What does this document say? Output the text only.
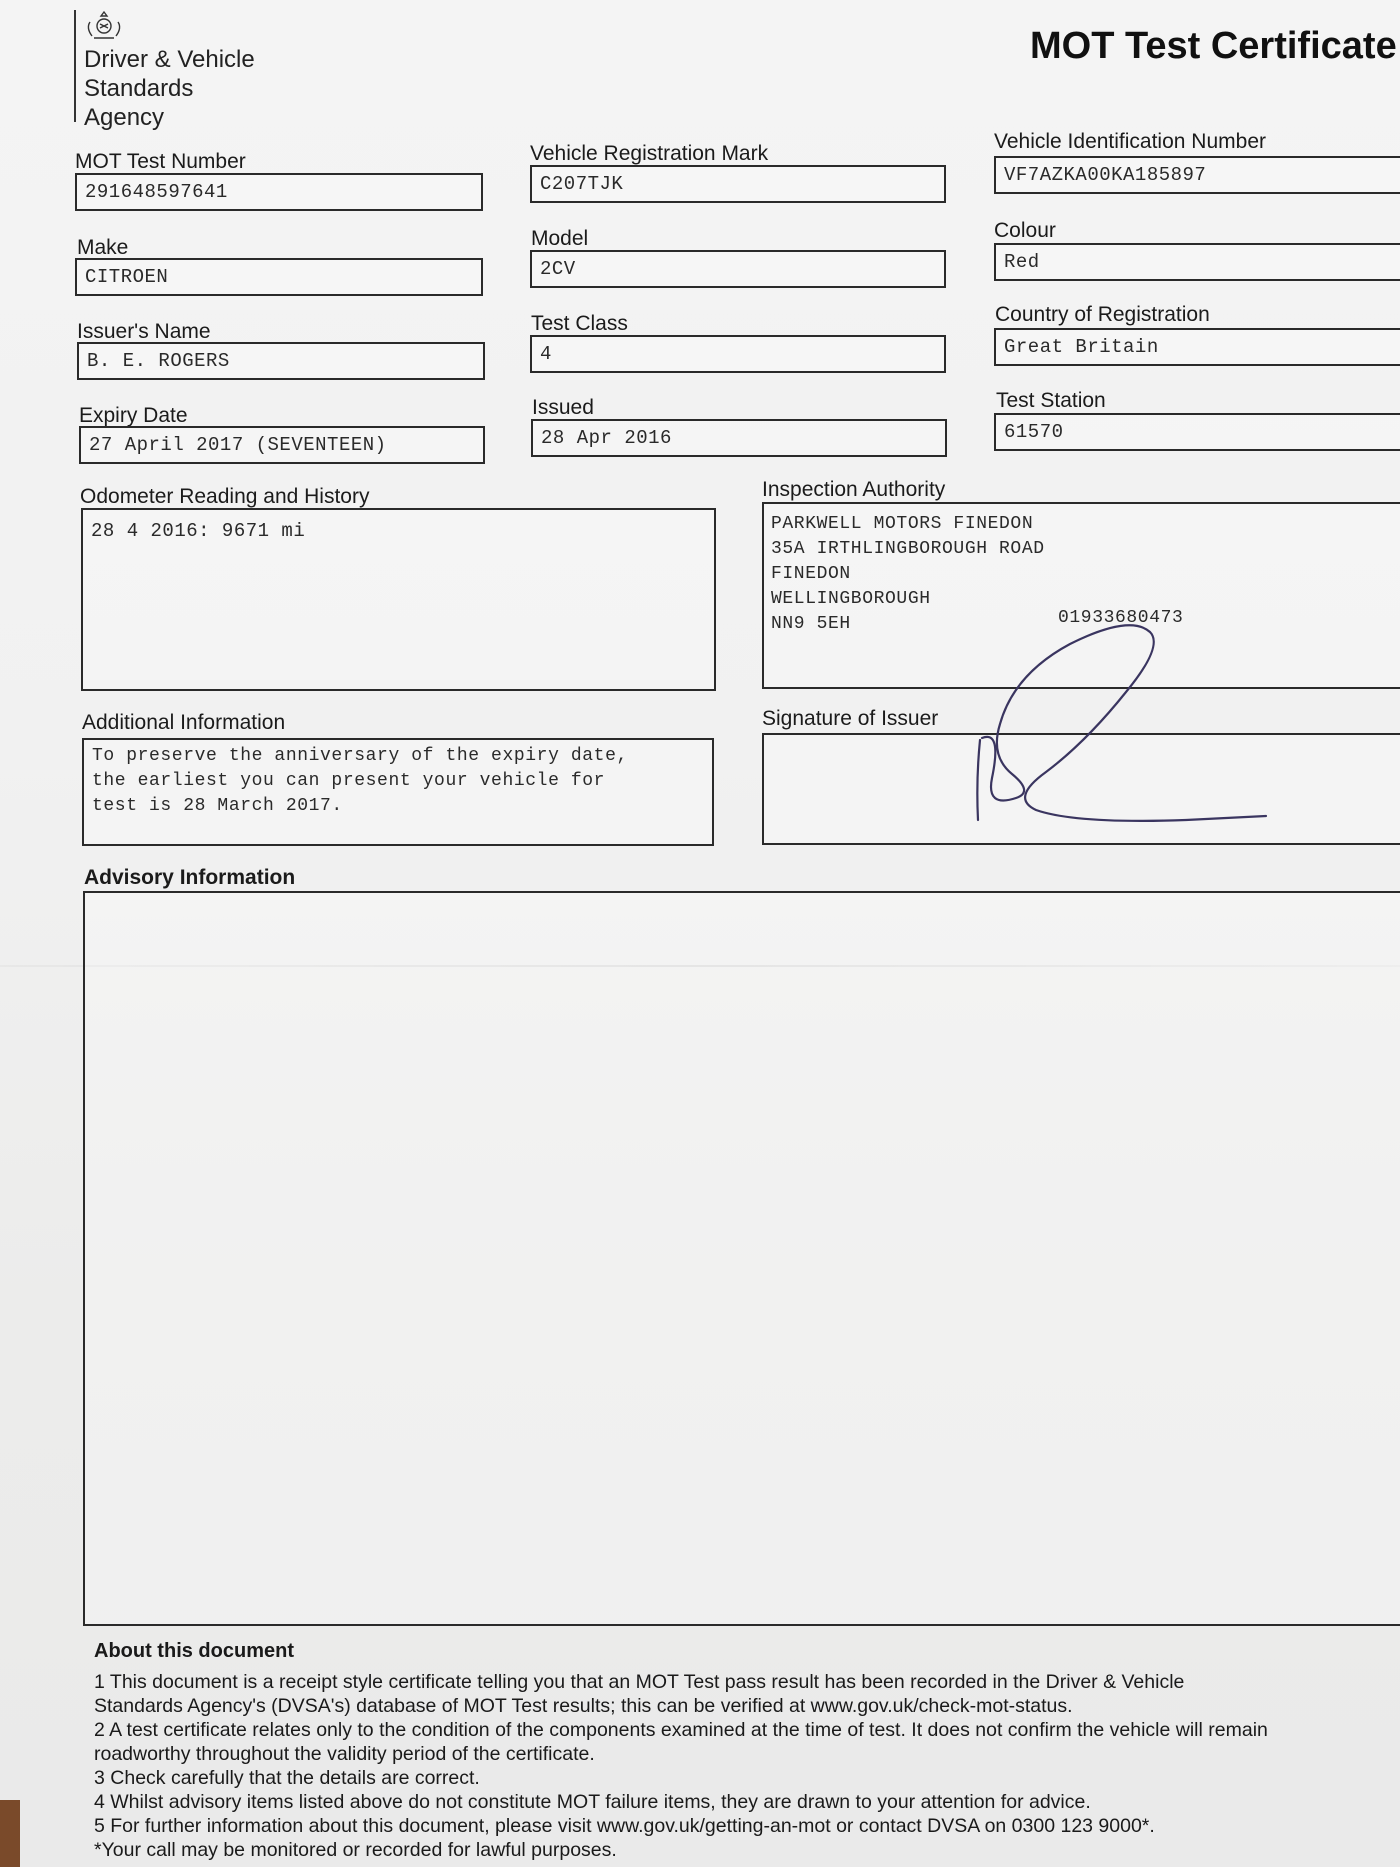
Driver & Vehicle
Standards
Agency
MOT Test Certificate
MOT Test Number
291648597641
Vehicle Registration Mark
C207TJK
Vehicle Identification Number
VF7AZKA00KA185897
Make
CITROEN
Model
2CV
Colour
Red
Issuer's Name
B. E. ROGERS
Test Class
4
Country of Registration
Great Britain
Expiry Date
27 April 2017 (SEVENTEEN)
Issued
28 Apr 2016
Test Station
61570
Odometer Reading and History
28 4 2016: 9671 mi
Inspection Authority
PARKWELL MOTORS FINEDON
35A IRTHLINGBOROUGH ROAD
FINEDON
WELLINGBOROUGH
NN9 5EH	01933680473
Additional Information
To preserve the anniversary of the expiry date,
the earliest you can present your vehicle for
test is 28 March 2017.
Signature of Issuer
Advisory Information
About this document

1 This document is a receipt style certificate telling you that an MOT Test pass result has been recorded in the Driver & Vehicle

Standards Agency's (DVSA's) database of MOT Test results; this can be verified at www.gov.uk/check-mot-status.

2 A test certificate relates only to the condition of the components examined at the time of test. It does not confirm the vehicle will remain

roadworthy throughout the validity period of the certificate.

3 Check carefully that the details are correct.

4 Whilst advisory items listed above do not constitute MOT failure items, they are drawn to your attention for advice.

5 For further information about this document, please visit www.gov.uk/getting-an-mot or contact DVSA on 0300 123 9000*.

*Your call may be monitored or recorded for lawful purposes.
